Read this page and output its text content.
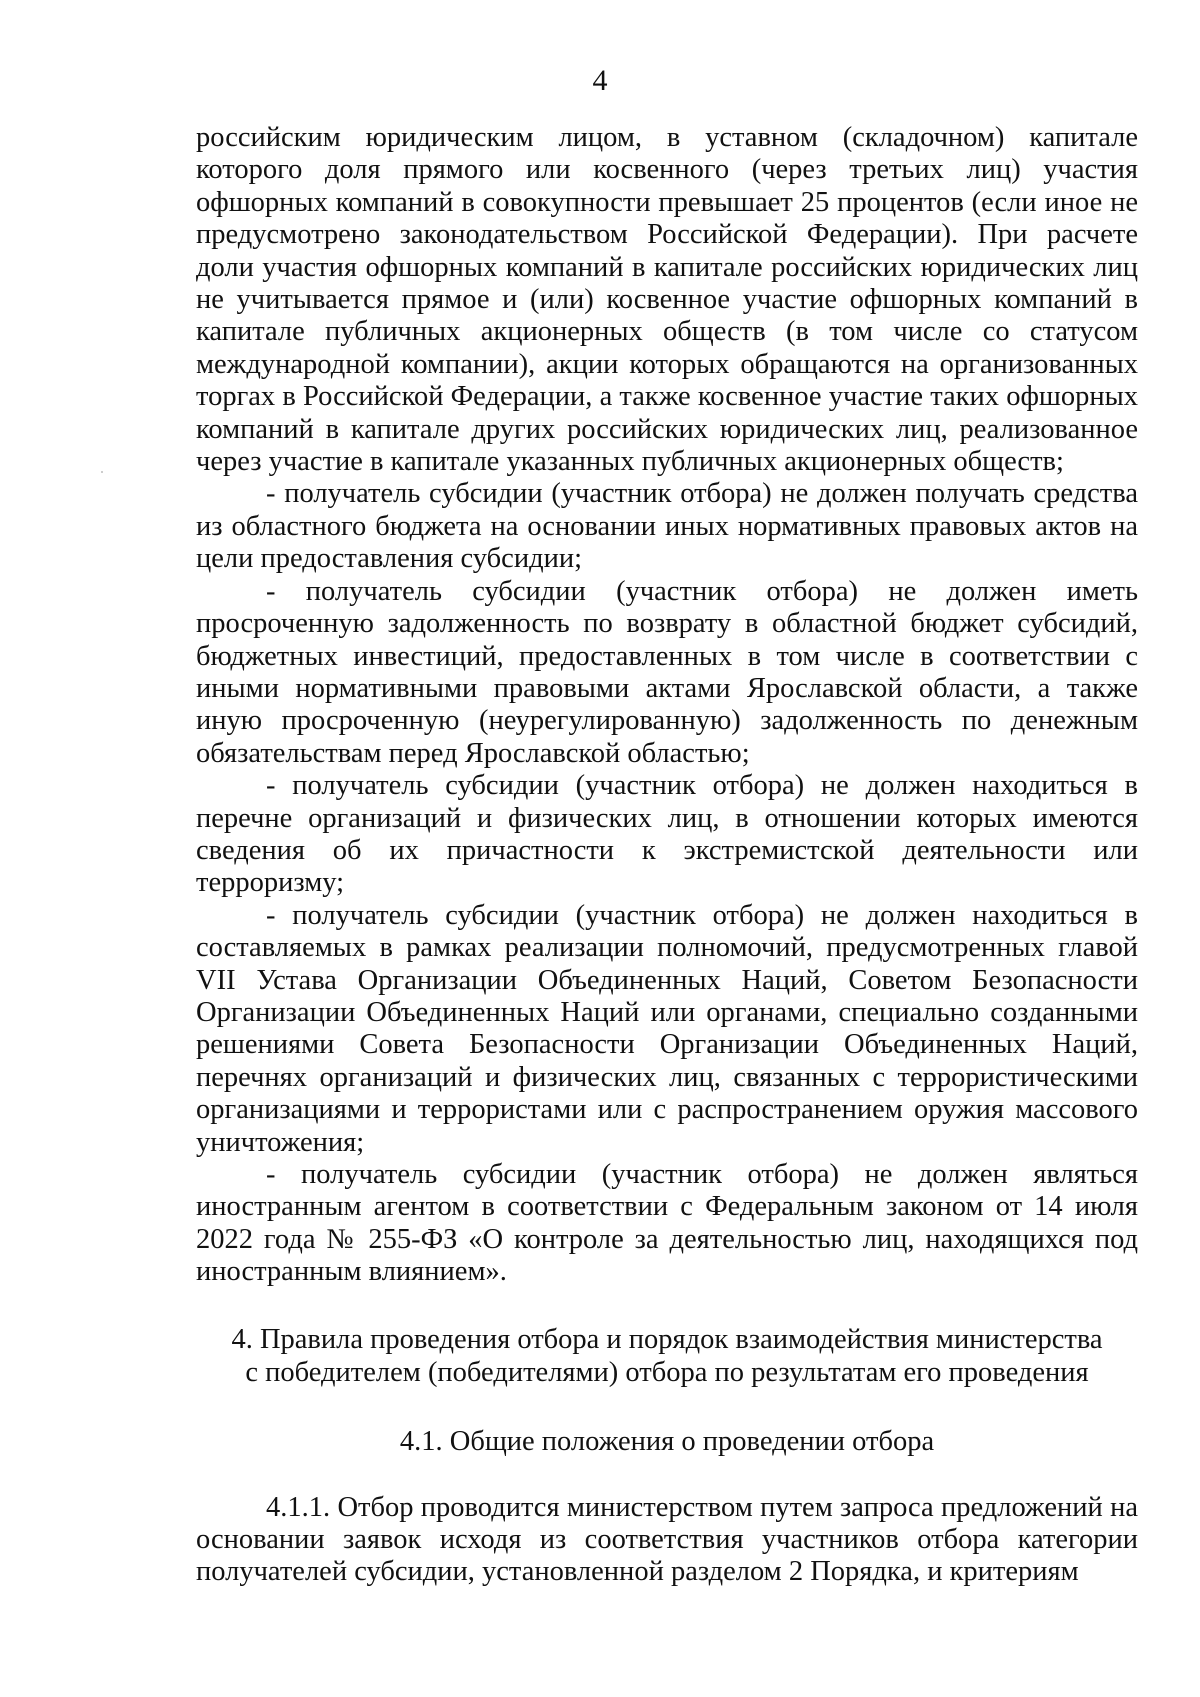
4

российским юридическим лицом, в уставном (складочном) капитале которого доля прямого или косвенного (через третьих лиц) участия офшорных компаний в совокупности превышает 25 процентов (если иное не предусмотрено законодательством Российской Федерации). При расчете доли участия офшорных компаний в капитале российских юридических лиц не учитывается прямое и (или) косвенное участие офшорных компаний в капитале публичных акционерных обществ (в том числе со статусом международной компании), акции которых обращаются на организованных торгах в Российской Федерации, а также косвенное участие таких офшорных компаний в капитале других российских юридических лиц, реализованное через участие в капитале указанных публичных акционерных обществ;

- получатель субсидии (участник отбора) не должен получать средства из областного бюджета на основании иных нормативных правовых актов на цели предоставления субсидии;

- получатель субсидии (участник отбора) не должен иметь просроченную задолженность по возврату в областной бюджет субсидий, бюджетных инвестиций, предоставленных в том числе в соответствии с иными нормативными правовыми актами Ярославской области, а также иную просроченную (неурегулированную) задолженность по денежным обязательствам перед Ярославской областью;

- получатель субсидии (участник отбора) не должен находиться в перечне организаций и физических лиц, в отношении которых имеются сведения об их причастности к экстремистской деятельности или терроризму;

- получатель субсидии (участник отбора) не должен находиться в составляемых в рамках реализации полномочий, предусмотренных главой VII Устава Организации Объединенных Наций, Советом Безопасности Организации Объединенных Наций или органами, специально созданными решениями Совета Безопасности Организации Объединенных Наций, перечнях организаций и физических лиц, связанных с террористическими организациями и террористами или с распространением оружия массового уничтожения;

- получатель субсидии (участник отбора) не должен являться иностранным агентом в соответствии с Федеральным законом от 14 июля 2022 года № 255-ФЗ «О контроле за деятельностью лиц, находящихся под иностранным влиянием».

4. Правила проведения отбора и порядок взаимодействия министерства
с победителем (победителями) отбора по результатам его проведения

4.1. Общие положения о проведении отбора

4.1.1. Отбор проводится министерством путем запроса предложений на основании заявок исходя из соответствия участников отбора категории получателей субсидии, установленной разделом 2 Порядка, и критериям
